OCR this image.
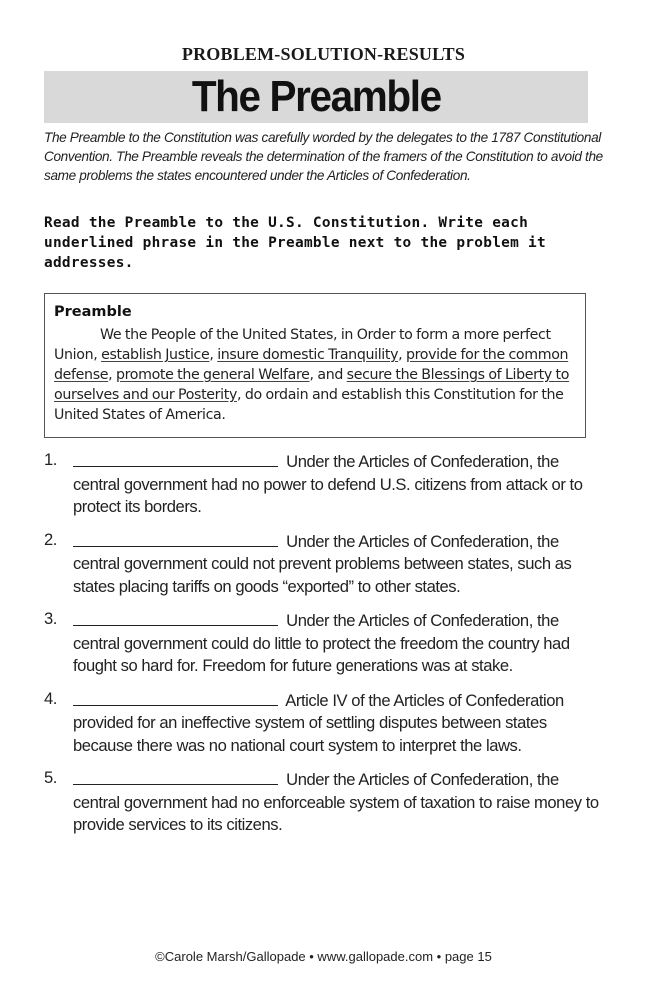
PROBLEM-SOLUTION-RESULTS
The Preamble
The Preamble to the Constitution was carefully worded by the delegates to the 1787 Constitutional Convention. The Preamble reveals the determination of the framers of the Constitution to avoid the same problems the states encountered under the Articles of Confederation.
Read the Preamble to the U.S. Constitution. Write each underlined phrase in the Preamble next to the problem it addresses.
Preamble
We the People of the United States, in Order to form a more perfect Union, establish Justice, insure domestic Tranquility, provide for the common defense, promote the general Welfare, and secure the Blessings of Liberty to ourselves and our Posterity, do ordain and establish this Constitution for the United States of America.
1.	Under the Articles of Confederation, the central government had no power to defend U.S. citizens from attack or to protect its borders.
2.	Under the Articles of Confederation, the central government could not prevent problems between states, such as states placing tariffs on goods “exported” to other states.
3.	Under the Articles of Confederation, the central government could do little to protect the freedom the country had fought so hard for. Freedom for future generations was at stake.
4.	Article IV of the Articles of Confederation provided for an ineffective system of settling disputes between states because there was no national court system to interpret the laws.
5.	Under the Articles of Confederation, the central government had no enforceable system of taxation to raise money to provide services to its citizens.
©Carole Marsh/Gallopade • www.gallopade.com • page 15
